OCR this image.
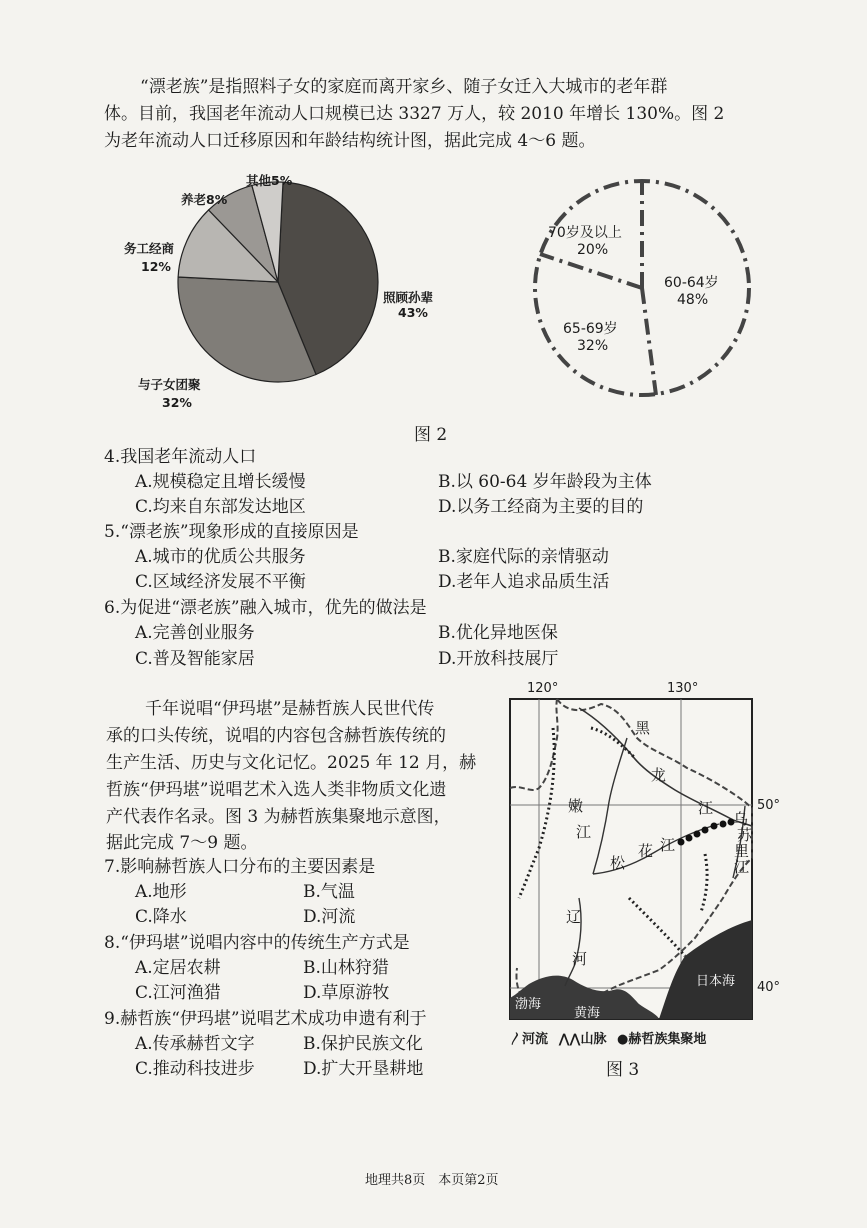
“漂老族”是指照料子女的家庭而离开家乡、随子女迁入大城市的老年群
体。目前，我国老年流动人口规模已达 3327 万人，较 2010 年增长 130%。图 2
为老年流动人口迁移原因和年龄结构统计图，据此完成 4～6 题。
其他5%
养老8%
务工经商
12%
照顾孙辈
43%
与子女团聚
32%
70岁及以上
20%
60-64岁
48%
65-69岁
32%
图 2
4.我国老年流动人口
A.规模稳定且增长缓慢	B.以 60-64 岁年龄段为主体
C.均来自东部发达地区	D.以务工经商为主要的目的
5.“漂老族”现象形成的直接原因是
A.城市的优质公共服务	B.家庭代际的亲情驱动
C.区域经济发展不平衡	D.老年人追求品质生活
6.为促进“漂老族”融入城市，优先的做法是
A.完善创业服务	B.优化异地医保
C.普及智能家居	D.开放科技展厅
千年说唱“伊玛堪”是赫哲族人民世代传
承的口头传统，说唱的内容包含赫哲族传统的
生产生活、历史与文化记忆。2025 年 12 月，赫
哲族“伊玛堪”说唱艺术入选人类非物质文化遗
产代表作名录。图 3 为赫哲族集聚地示意图，
据此完成 7～9 题。
7.影响赫哲族人口分布的主要因素是
A.地形	B.气温
C.降水	D.河流
8.“伊玛堪”说唱内容中的传统生产方式是
A.定居农耕	B.山林狩猎
C.江河渔猎	D.草原游牧
9.赫哲族“伊玛堪”说唱艺术成功申遗有利于
A.传承赫哲文字	B.保护民族文化
C.推动科技进步	D.扩大开垦耕地
120°	130°
黑
龙
江
嫩
江
松
花 江
乌
苏
里
江
辽
河
渤海
黄海
日本海
50°
40°
〳河流 ⋀⋀山脉 ●赫哲族集聚地
图 3
地理共8页　本页第2页
